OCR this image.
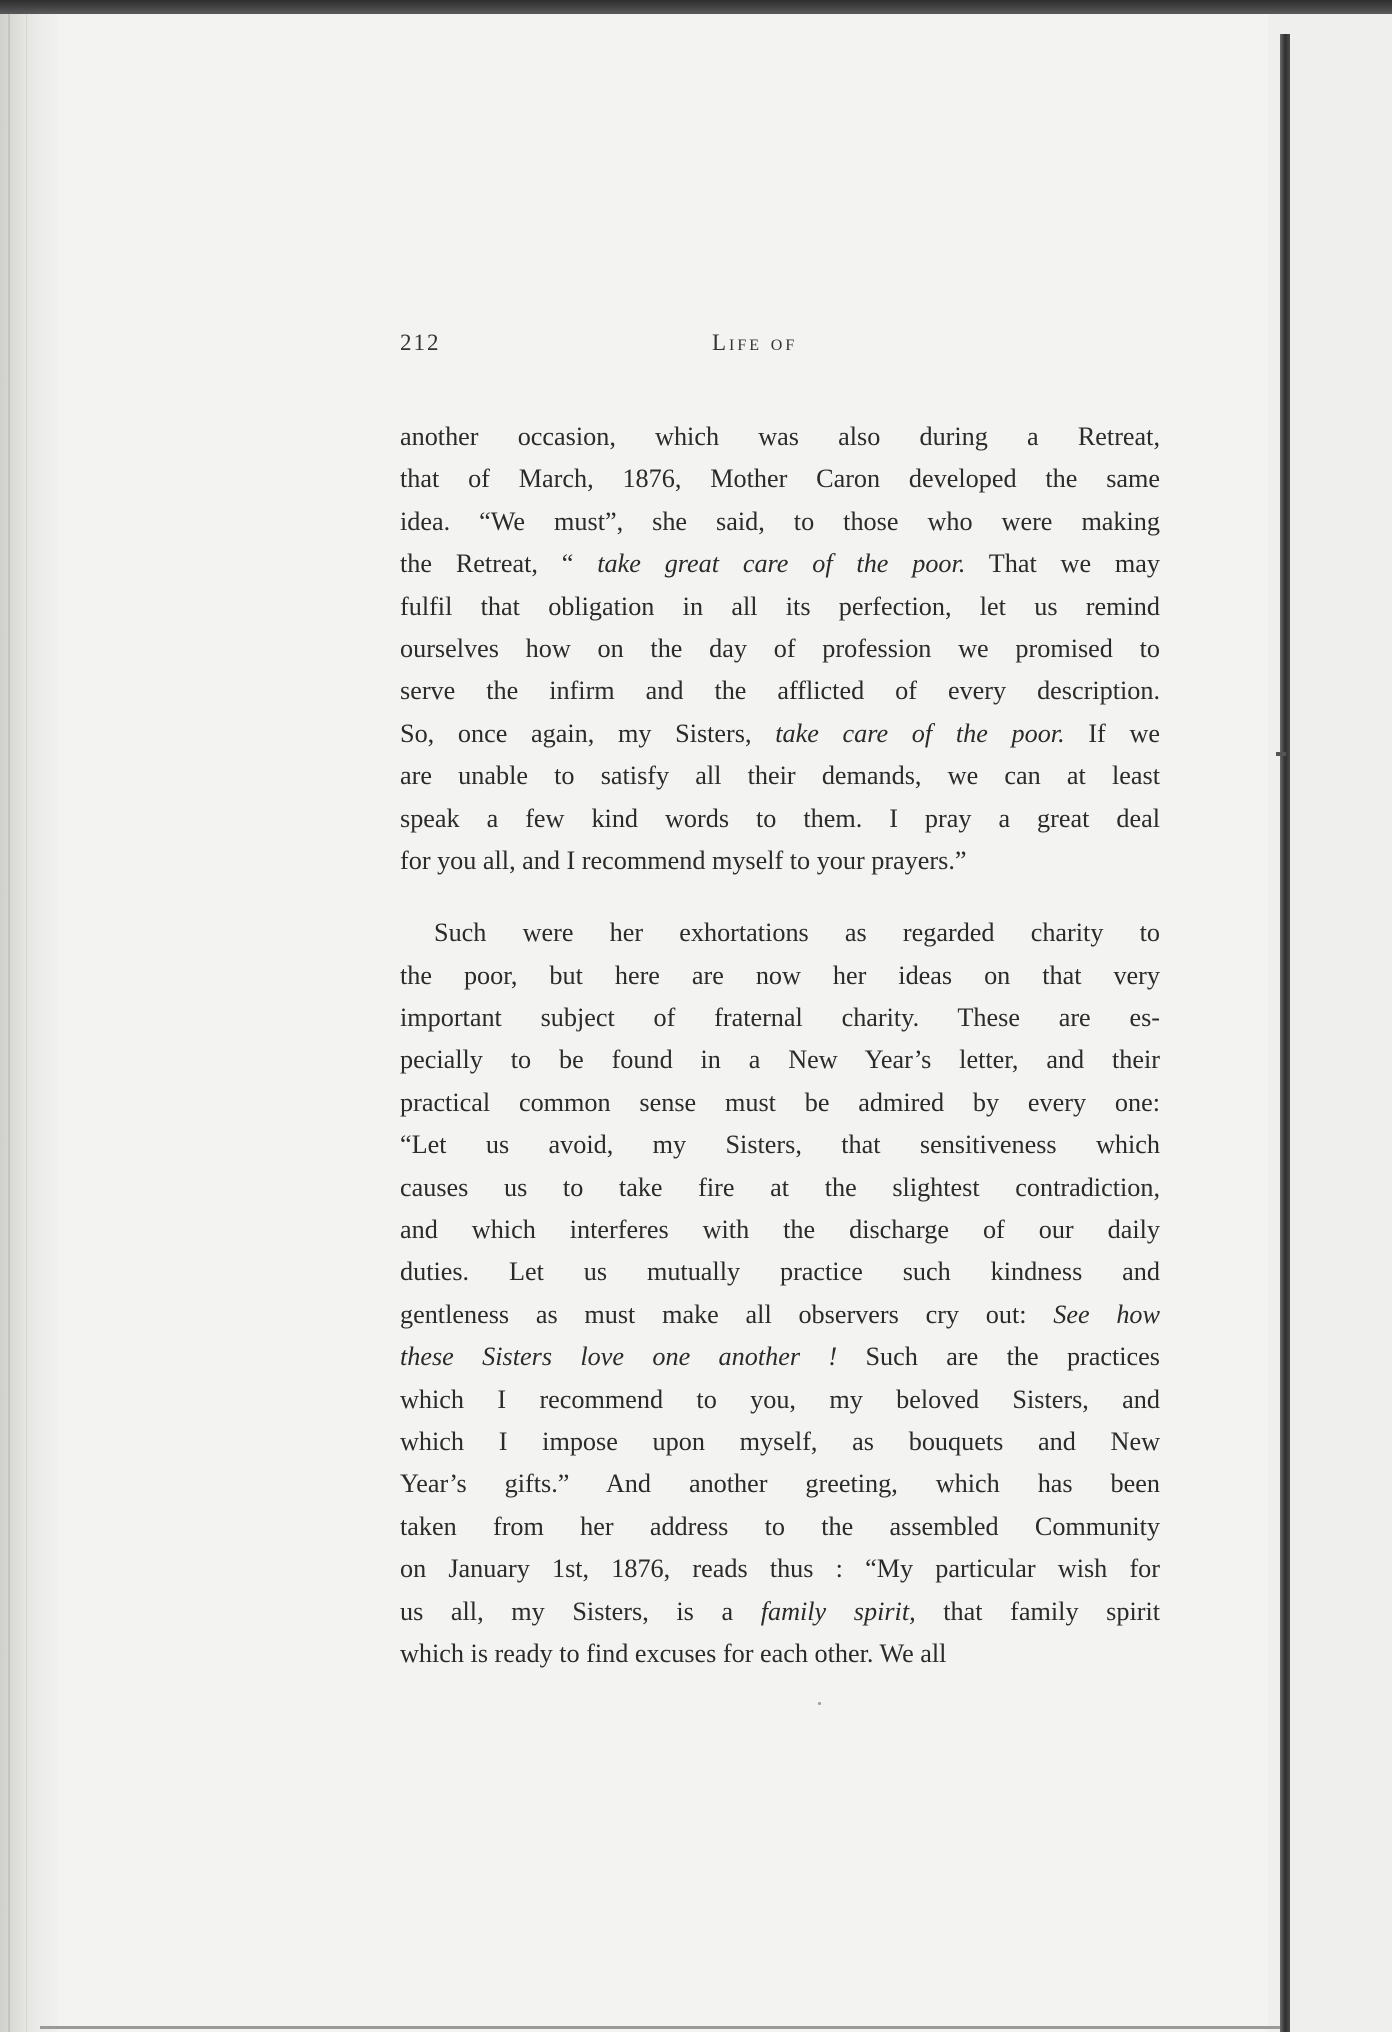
212	Life of
another occasion, which was also during a Retreat,
that of March, 1876, Mother Caron developed the same
idea. “We must”, she said, to those who were making
the Retreat, “ take great care of the poor. That we may
fulfil that obligation in all its perfection, let us remind
ourselves how on the day of profession we promised to
serve the infirm and the afflicted of every description.
So, once again, my Sisters, take care of the poor. If we
are unable to satisfy all their demands, we can at least
speak a few kind words to them. I pray a great deal
for you all, and I recommend myself to your prayers.”
Such were her exhortations as regarded charity to
the poor, but here are now her ideas on that very
important subject of fraternal charity. These are es-
pecially to be found in a New Year’s letter, and their
practical common sense must be admired by every one:
“Let us avoid, my Sisters, that sensitiveness which
causes us to take fire at the slightest contradiction,
and which interferes with the discharge of our daily
duties. Let us mutually practice such kindness and
gentleness as must make all observers cry out: See how
these Sisters love one another ! Such are the practices
which I recommend to you, my beloved Sisters, and
which I impose upon myself, as bouquets and New
Year’s gifts.” And another greeting, which has been
taken from her address to the assembled Community
on January 1st, 1876, reads thus : “My particular wish for
us all, my Sisters, is a family spirit, that family spirit
which is ready to find excuses for each other. We all
